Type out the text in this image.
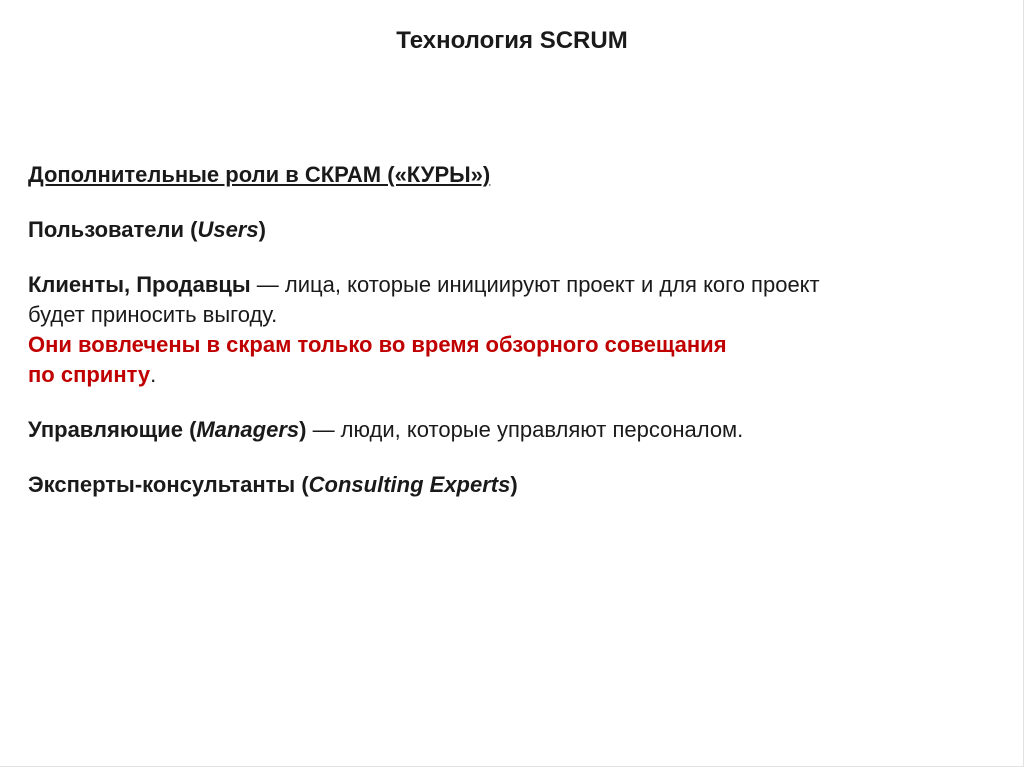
Технология SCRUM

Дополнительные роли в СКРАМ («КУРЫ»)

Пользователи (Users)

Клиенты, Продавцы — лица, которые инициируют проект и для кого проект
будет приносить выгоду.
Они вовлечены в скрам только во время обзорного совещания
по спринту.

Управляющие (Managers) — люди, которые управляют персоналом.

Эксперты-консультанты (Consulting Experts)
